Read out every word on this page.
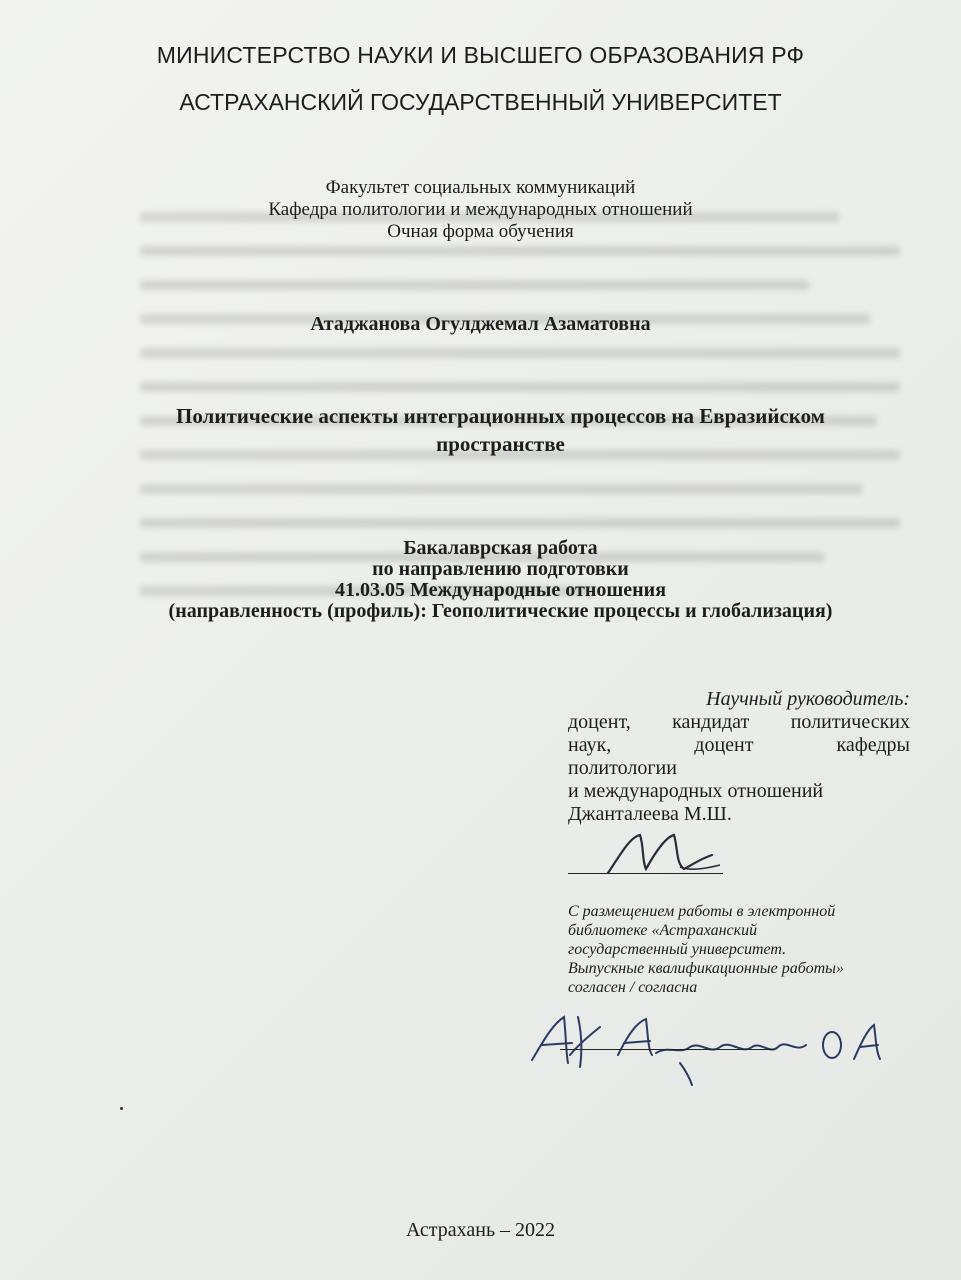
МИНИСТЕРСТВО НАУКИ И ВЫСШЕГО ОБРАЗОВАНИЯ РФ
АСТРАХАНСКИЙ ГОСУДАРСТВЕННЫЙ УНИВЕРСИТЕТ
Факультет социальных коммуникаций
Кафедра политологии и международных отношений
Очная форма обучения
Атаджанова Огулджемал Азаматовна
Политические аспекты интеграционных процессов на Евразийском пространстве
Бакалаврская работа
по направлению подготовки
41.03.05 Международные отношения
(направленность (профиль): Геополитические процессы и глобализация)
Научный руководитель:
доцент, кандидат политических
наук, доцент кафедры
политологии
и международных отношений
Джанталеева М.Ш.
С размещением работы в электронной
библиотеке «Астраханский
государственный университет.
Выпускные квалификационные работы»
согласен / согласна
Астрахань – 2022
